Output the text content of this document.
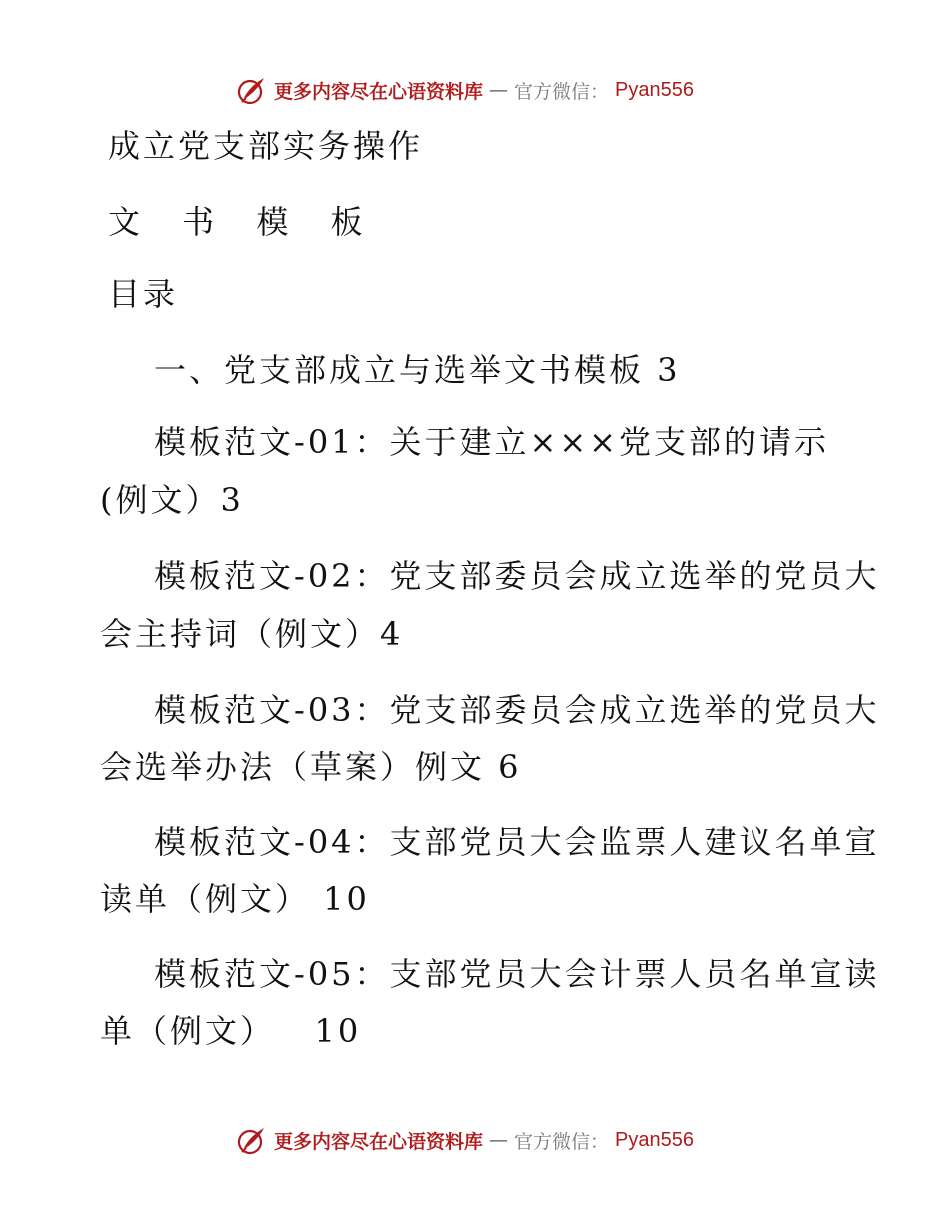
更多内容尽在心语资料库 — 官方微信： Pyan556
成立党支部实务操作
文 书 模 板
目录
一、党支部成立与选举文书模板 3
模板范文-01：关于建立×××党支部的请示
(例文）3
模板范文-02：党支部委员会成立选举的党员大
会主持词（例文）4
模板范文-03：党支部委员会成立选举的党员大
会选举办法（草案）例文 6
模板范文-04：支部党员大会监票人建议名单宣
读单（例文） 10
模板范文-05：支部党员大会计票人员名单宣读
单（例文）   10
更多内容尽在心语资料库 — 官方微信： Pyan556
